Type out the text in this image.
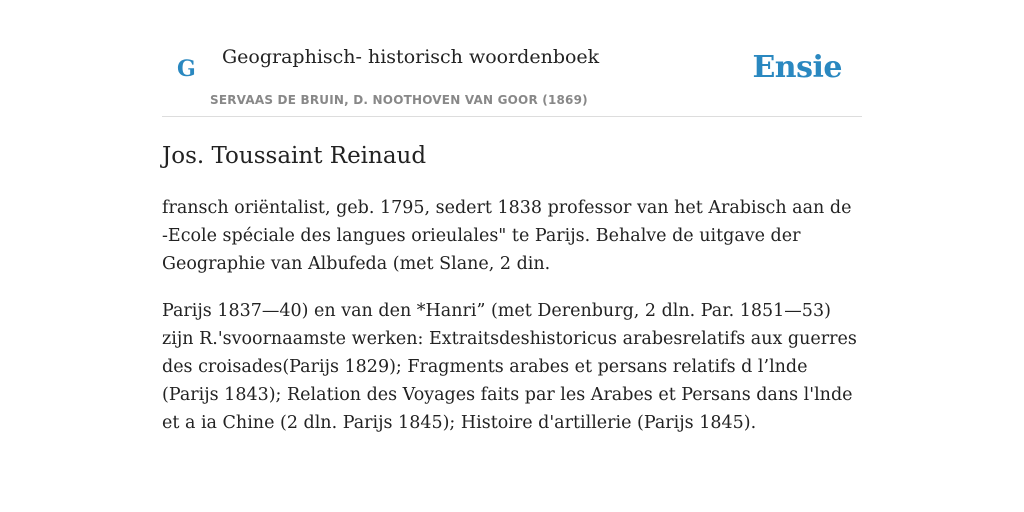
G Geographisch- historisch woordenboek
SERVAAS DE BRUIN, D. NOOTHOVEN VAN GOOR (1869)
Ensie
Jos. Toussaint Reinaud

fransch oriëntalist, geb. 1795, sedert 1838 professor van het Arabisch aan de -Ecole spéciale des langues orieulales" te Parijs. Behalve de uitgave der Geographie van Albufeda (met Slane, 2 din.

Parijs 1837—40) en van den *Hanri” (met Derenburg, 2 dln. Par. 1851—53) zijn R.'svoornaamste werken: Extraitsdeshistoricus arabesrelatifs aux guerres des croisades(Parijs 1829); Fragments arabes et persans relatifs d l’lnde (Parijs 1843); Relation des Voyages faits par les Arabes et Persans dans l'lnde et a ia Chine (2 dln. Parijs 1845); Histoire d'artillerie (Parijs 1845).
